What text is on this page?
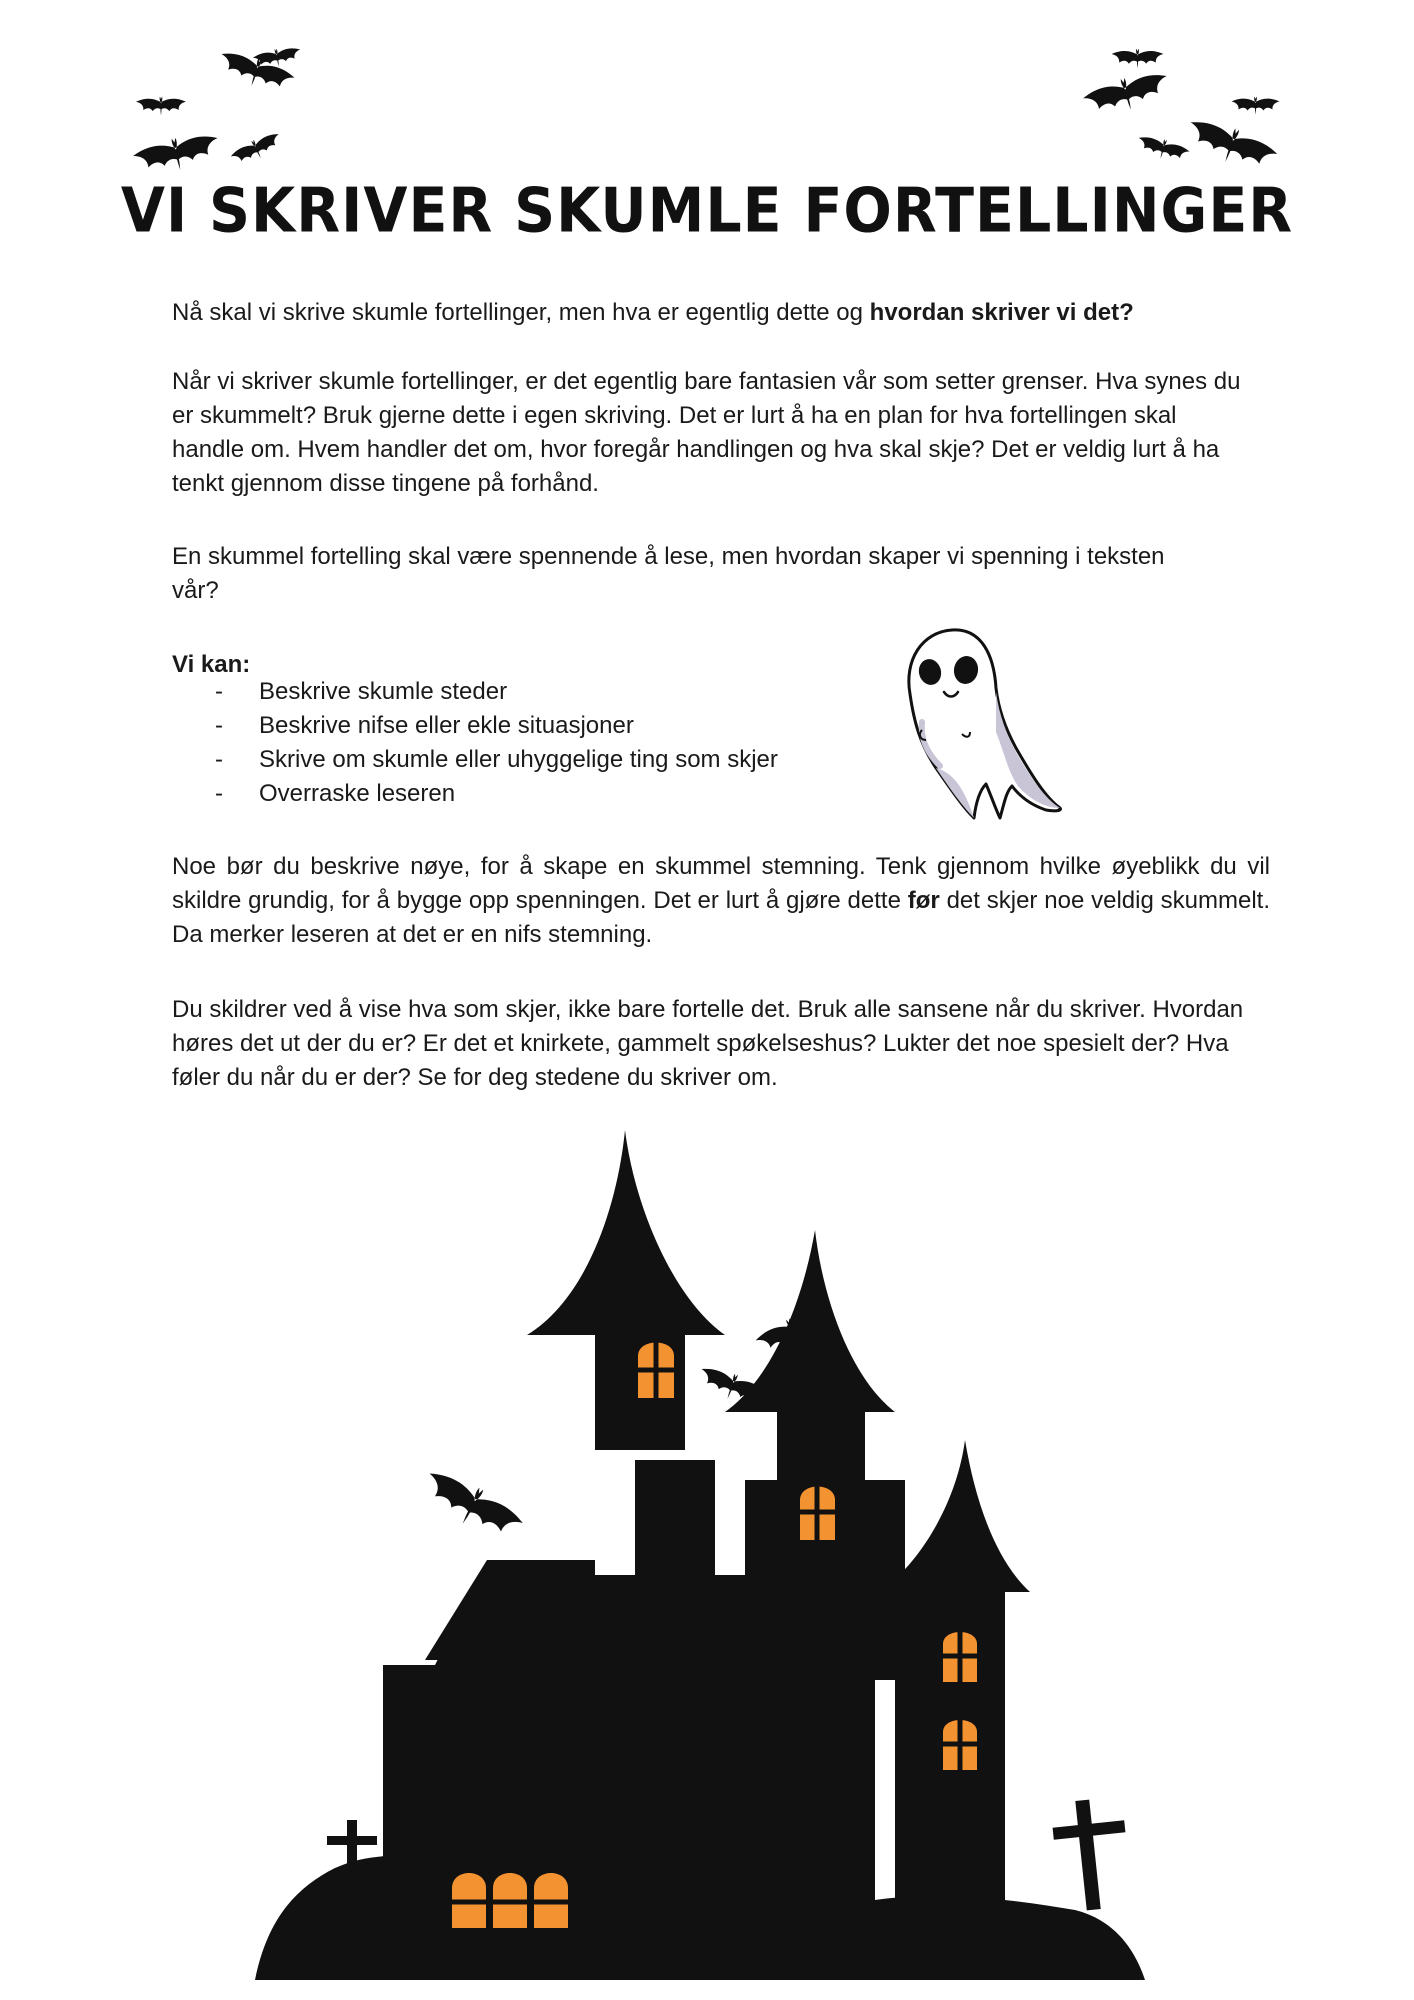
VI SKRIVER SKUMLE FORTELLINGER
Nå skal vi skrive skumle fortellinger, men hva er egentlig dette og hvordan skriver vi det?
Når vi skriver skumle fortellinger, er det egentlig bare fantasien vår som setter grenser. Hva synes du er skummelt? Bruk gjerne dette i egen skriving. Det er lurt å ha en plan for hva fortellingen skal handle om. Hvem handler det om, hvor foregår handlingen og hva skal skje? Det er veldig lurt å ha tenkt gjennom disse tingene på forhånd.
En skummel fortelling skal være spennende å lese, men hvordan skaper vi spenning i teksten vår?
Vi kan:
- Beskrive skumle steder
- Beskrive nifse eller ekle situasjoner
- Skrive om skumle eller uhyggelige ting som skjer
- Overraske leseren
Noe bør du beskrive nøye, for å skape en skummel stemning. Tenk gjennom hvilke øyeblikk du vil skildre grundig, for å bygge opp spenningen. Det er lurt å gjøre dette før det skjer noe veldig skummelt. Da merker leseren at det er en nifs stemning.
Du skildrer ved å vise hva som skjer, ikke bare fortelle det. Bruk alle sansene når du skriver. Hvordan høres det ut der du er? Er det et knirkete, gammelt spøkelseshus? Lukter det noe spesielt der? Hva føler du når du er der? Se for deg stedene du skriver om.
